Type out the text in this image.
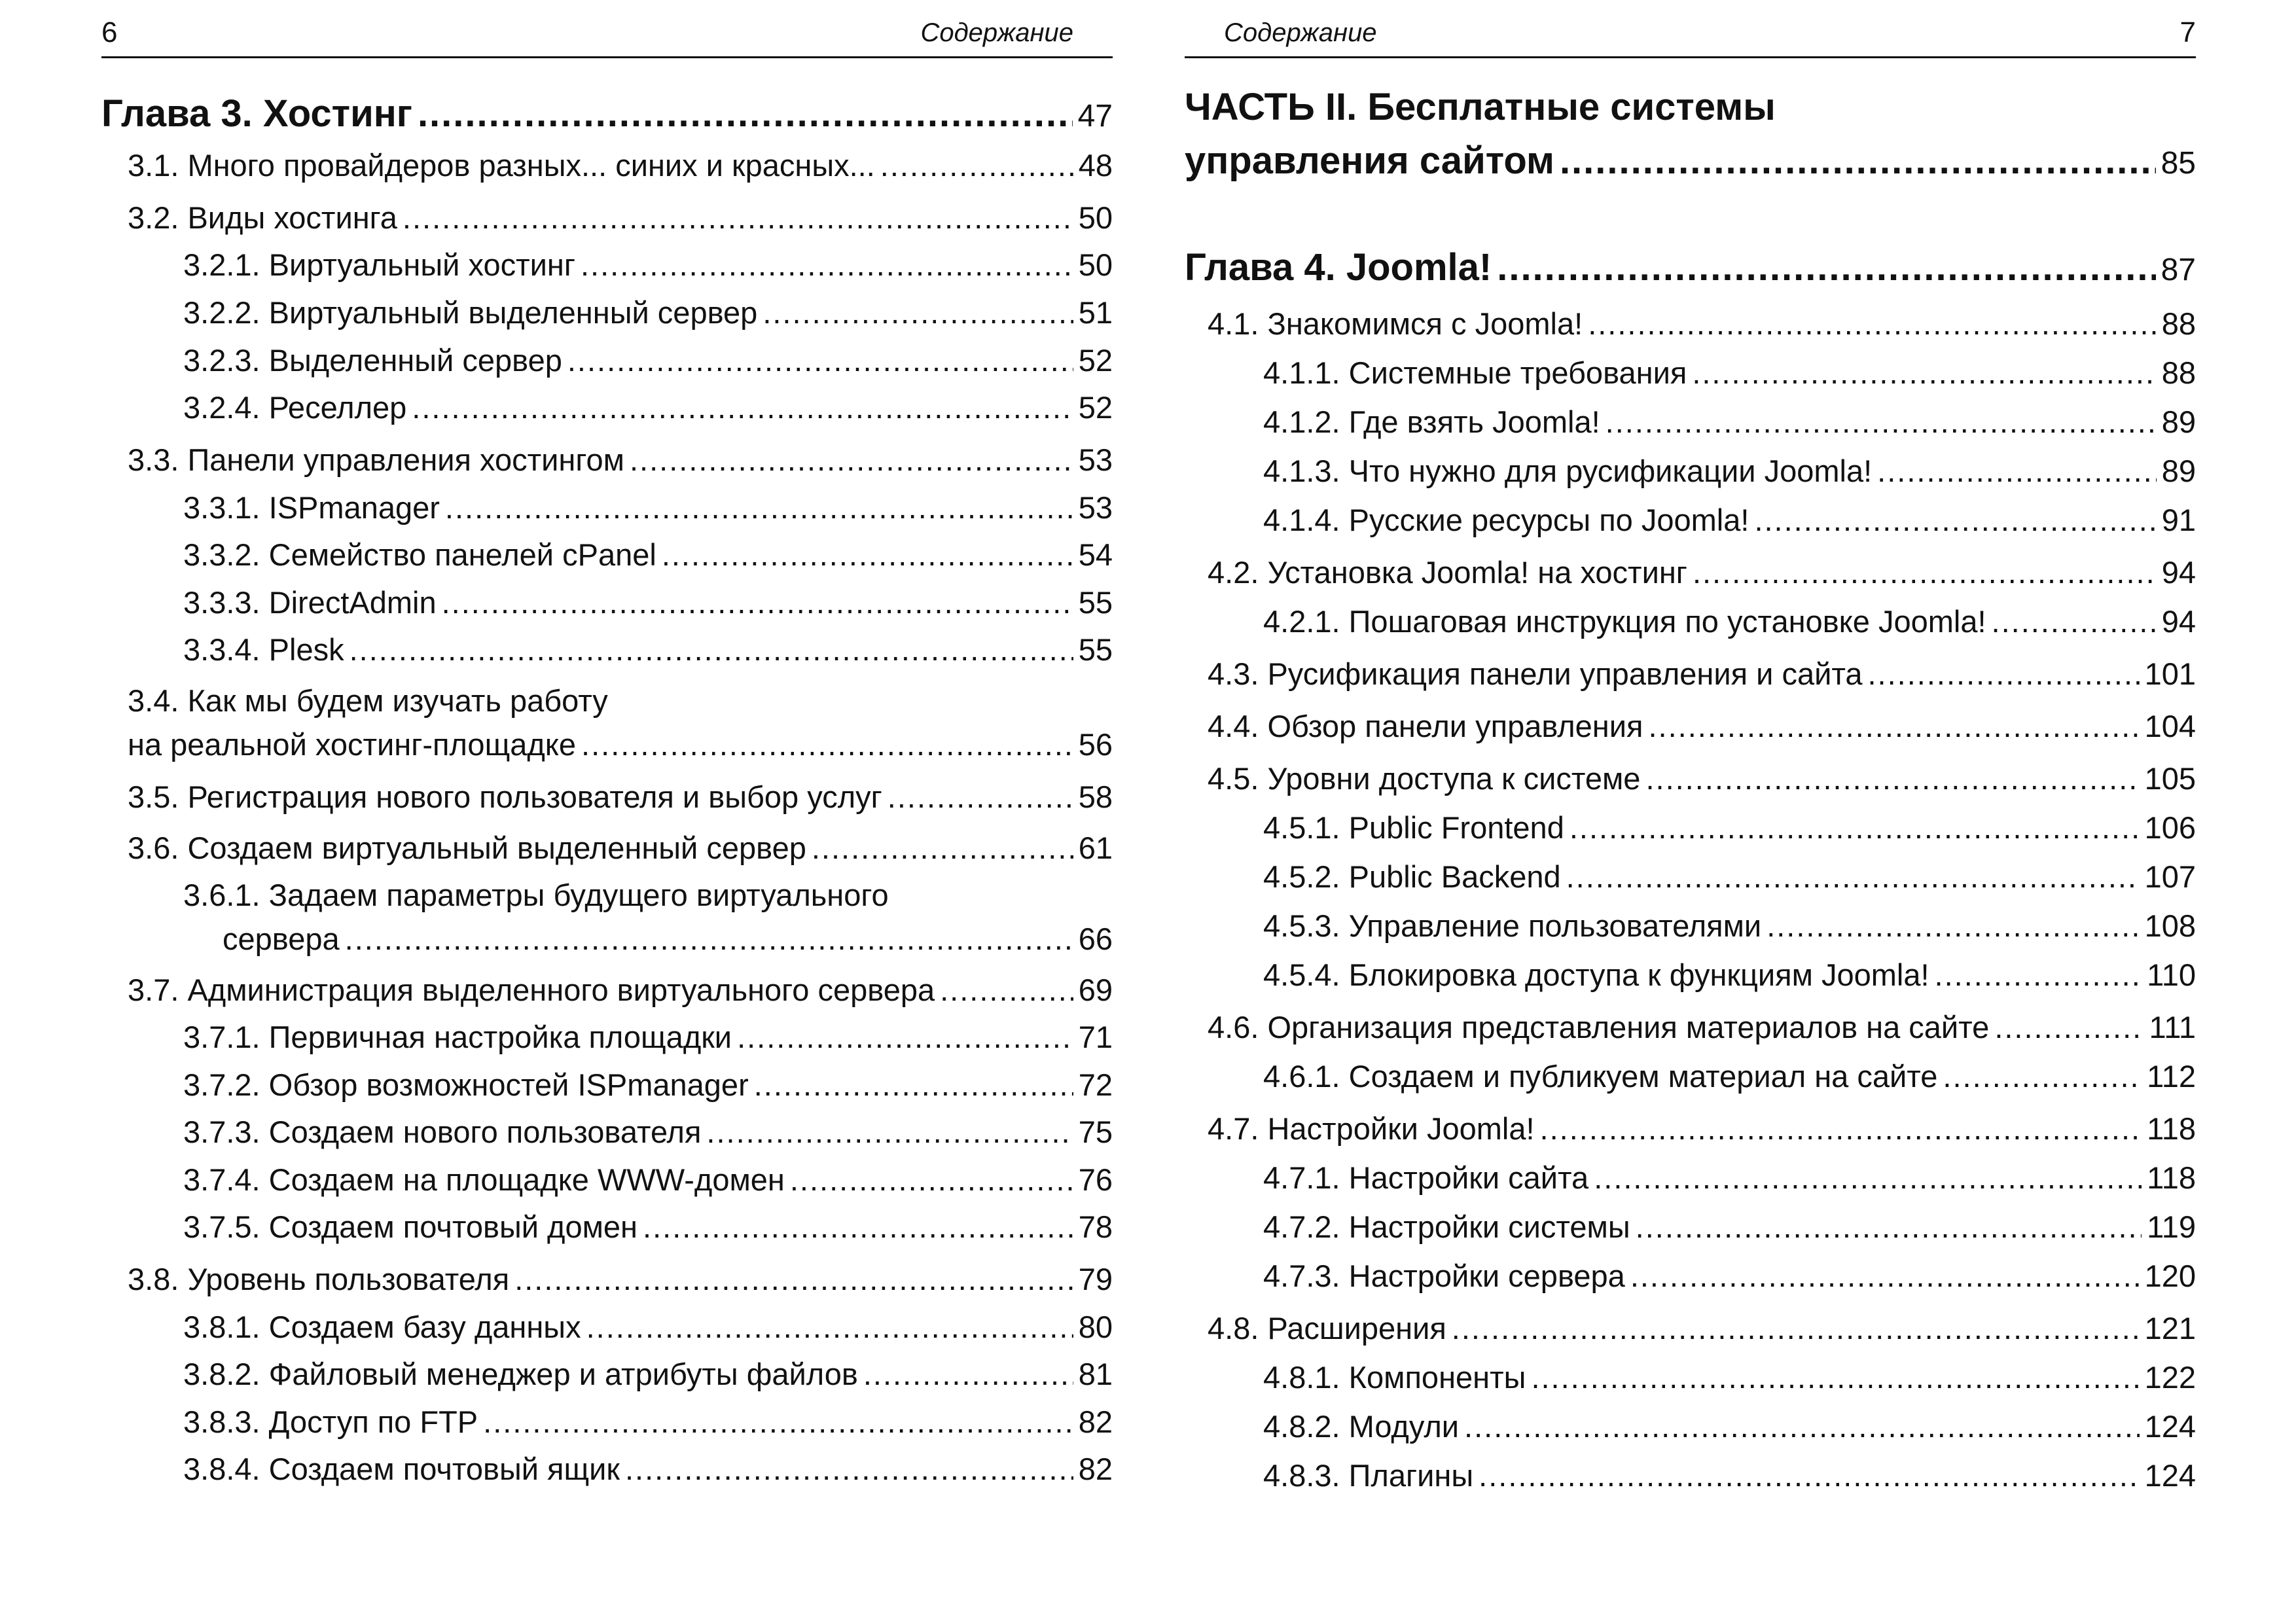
6	Содержание
Глава 3. Хостинг .....	47
3.1. Много провайдеров разных... синих и красных... .....	48
3.2. Виды хостинга .....	50
3.2.1. Виртуальный хостинг .....	50
3.2.2. Виртуальный выделенный сервер .....	51
3.2.3. Выделенный сервер .....	52
3.2.4. Реселлер .....	52
3.3. Панели управления хостингом .....	53
3.3.1. ISPmanager .....	53
3.3.2. Семейство панелей cPanel .....	54
3.3.3. DirectAdmin .....	55
3.3.4. Plesk .....	55
3.4. Как мы будем изучать работу
на реальной хостинг-площадке .....	56
3.5. Регистрация нового пользователя и выбор услуг .....	58
3.6. Создаем виртуальный выделенный сервер .....	61
3.6.1. Задаем параметры будущего виртуального
сервера .....	66
3.7. Администрация выделенного виртуального сервера .....	69
3.7.1. Первичная настройка площадки .....	71
3.7.2. Обзор возможностей ISPmanager .....	72
3.7.3. Создаем нового пользователя .....	75
3.7.4. Создаем на площадке WWW-домен .....	76
3.7.5. Создаем почтовый домен .....	78
3.8. Уровень пользователя .....	79
3.8.1. Создаем базу данных .....	80
3.8.2. Файловый менеджер и атрибуты файлов .....	81
3.8.3. Доступ по FTP .....	82
3.8.4. Создаем почтовый ящик .....	82
7
Содержание
ЧАСТЬ II. Бесплатные системы
управления сайтом .....	85
Глава 4. Joomla! .....	87
4.1. Знакомимся с Joomla! .....	88
4.1.1. Системные требования .....	88
4.1.2. Где взять Joomla! .....	89
4.1.3. Что нужно для русификации Joomla! .....	89
4.1.4. Русские ресурсы по Joomla! .....	91
4.2. Установка Joomla! на хостинг .....	94
4.2.1. Пошаговая инструкция по установке Joomla! .....	94
4.3. Русификация панели управления и сайта .....	101
4.4. Обзор панели управления .....	104
4.5. Уровни доступа к системе .....	105
4.5.1. Public Frontend .....	106
4.5.2. Public Backend .....	107
4.5.3. Управление пользователями .....	108
4.5.4. Блокировка доступа к функциям Joomla! .....	110
4.6. Организация представления материалов на сайте .....	111
4.6.1. Создаем и публикуем материал на сайте .....	112
4.7. Настройки Joomla! .....	118
4.7.1. Настройки сайта .....	118
4.7.2. Настройки системы .....	119
4.7.3. Настройки сервера .....	120
4.8. Расширения .....	121
4.8.1. Компоненты .....	122
4.8.2. Модули .....	124
4.8.3. Плагины .....	124
